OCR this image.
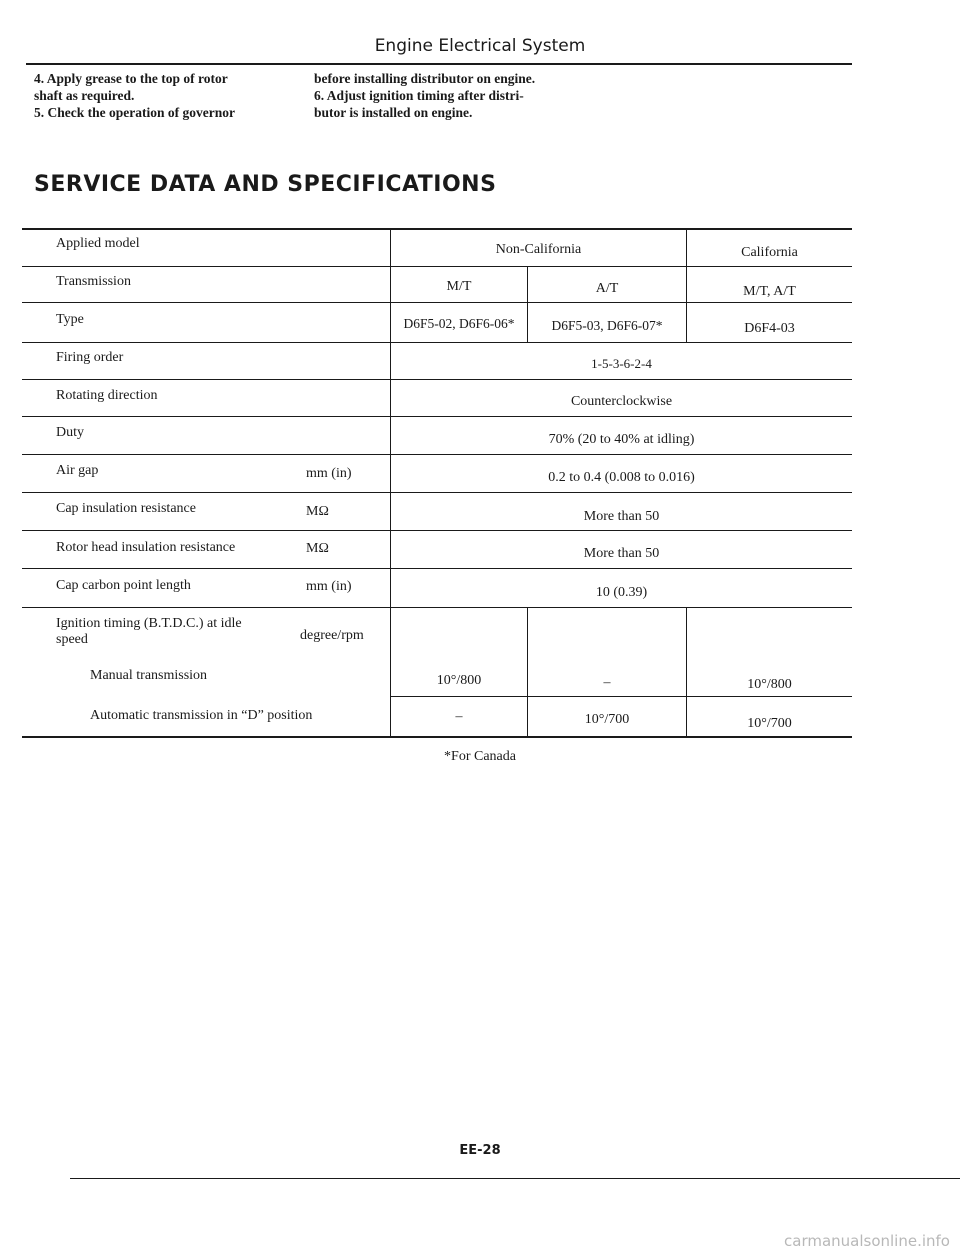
Engine Electrical System

4. Apply grease to the top of rotor

shaft as required.

5. Check the operation of governor

before installing distributor on engine.

6. Adjust ignition timing after distri-

butor is installed on engine.

SERVICE DATA AND SPECIFICATIONS
Applied model	Non-California	California
Transmission	M/T	A/T	M/T, A/T
Type	D6F5-02, D6F6-06*	D6F5-03, D6F6-07*	D6F4-03
Firing order	1-5-3-6-2-4
Rotating direction	Counterclockwise
Duty	70% (20 to 40% at idling)
Air gap	mm (in)	0.2 to 0.4 (0.008 to 0.016)
Cap insulation resistance	MΩ	More than 50
Rotor head insulation resistance	MΩ	More than 50
Cap carbon point length	mm (in)	10 (0.39)
Ignition timing (B.T.D.C.) at idle
speed	degree/rpm
Manual transmission	10°/800	–	10°/800
Automatic transmission in “D” position	–	10°/700	10°/700
*For Canada
EE-28
carmanualsonline.info
